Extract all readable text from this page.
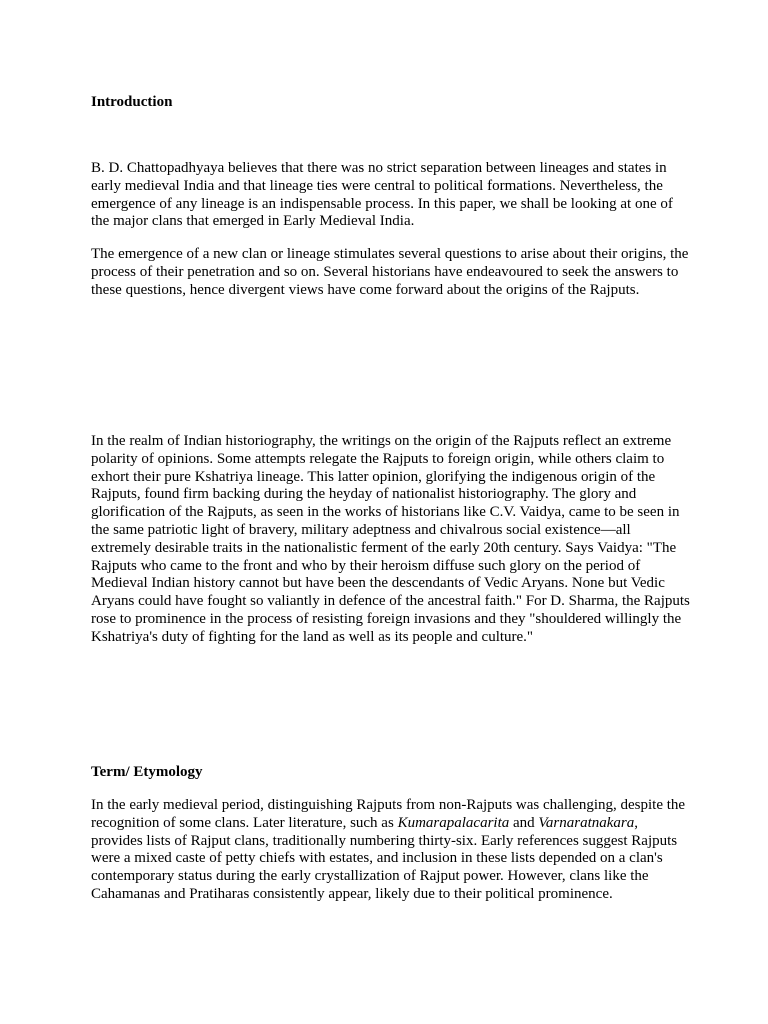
Introduction

B. D. Chattopadhyaya believes that there was no strict separation between lineages and states in early medieval India and that lineage ties were central to political formations. Nevertheless, the emergence of any lineage is an indispensable process. In this paper, we shall be looking at one of the major clans that emerged in Early Medieval India.

The emergence of a new clan or lineage stimulates several questions to arise about their origins, the process of their penetration and so on. Several historians have endeavoured to seek the answers to these questions, hence divergent views have come forward about the origins of the Rajputs.

In the realm of Indian historiography, the writings on the origin of the Rajputs reflect an extreme polarity of opinions. Some attempts relegate the Rajputs to foreign origin, while others claim to exhort their pure Kshatriya lineage. This latter opinion, glorifying the indigenous origin of the Rajputs, found firm backing during the heyday of nationalist historiography. The glory and glorification of the Rajputs, as seen in the works of historians like C.V. Vaidya, came to be seen in the same patriotic light of bravery, military adeptness and chivalrous social existence—all extremely desirable traits in the nationalistic ferment of the early 20th century. Says Vaidya: "The Rajputs who came to the front and who by their heroism diffuse such glory on the period of Medieval Indian history cannot but have been the descendants of Vedic Aryans. None but Vedic Aryans could have fought so valiantly in defence of the ancestral faith." For D. Sharma, the Rajputs rose to prominence in the process of resisting foreign invasions and they "shouldered willingly the Kshatriya's duty of fighting for the land as well as its people and culture."

Term/ Etymology

In the early medieval period, distinguishing Rajputs from non-Rajputs was challenging, despite the recognition of some clans. Later literature, such as Kumarapalacarita and Varnaratnakara, provides lists of Rajput clans, traditionally numbering thirty-six. Early references suggest Rajputs were a mixed caste of petty chiefs with estates, and inclusion in these lists depended on a clan's contemporary status during the early crystallization of Rajput power. However, clans like the Cahamanas and Pratiharas consistently appear, likely due to their political prominence.
